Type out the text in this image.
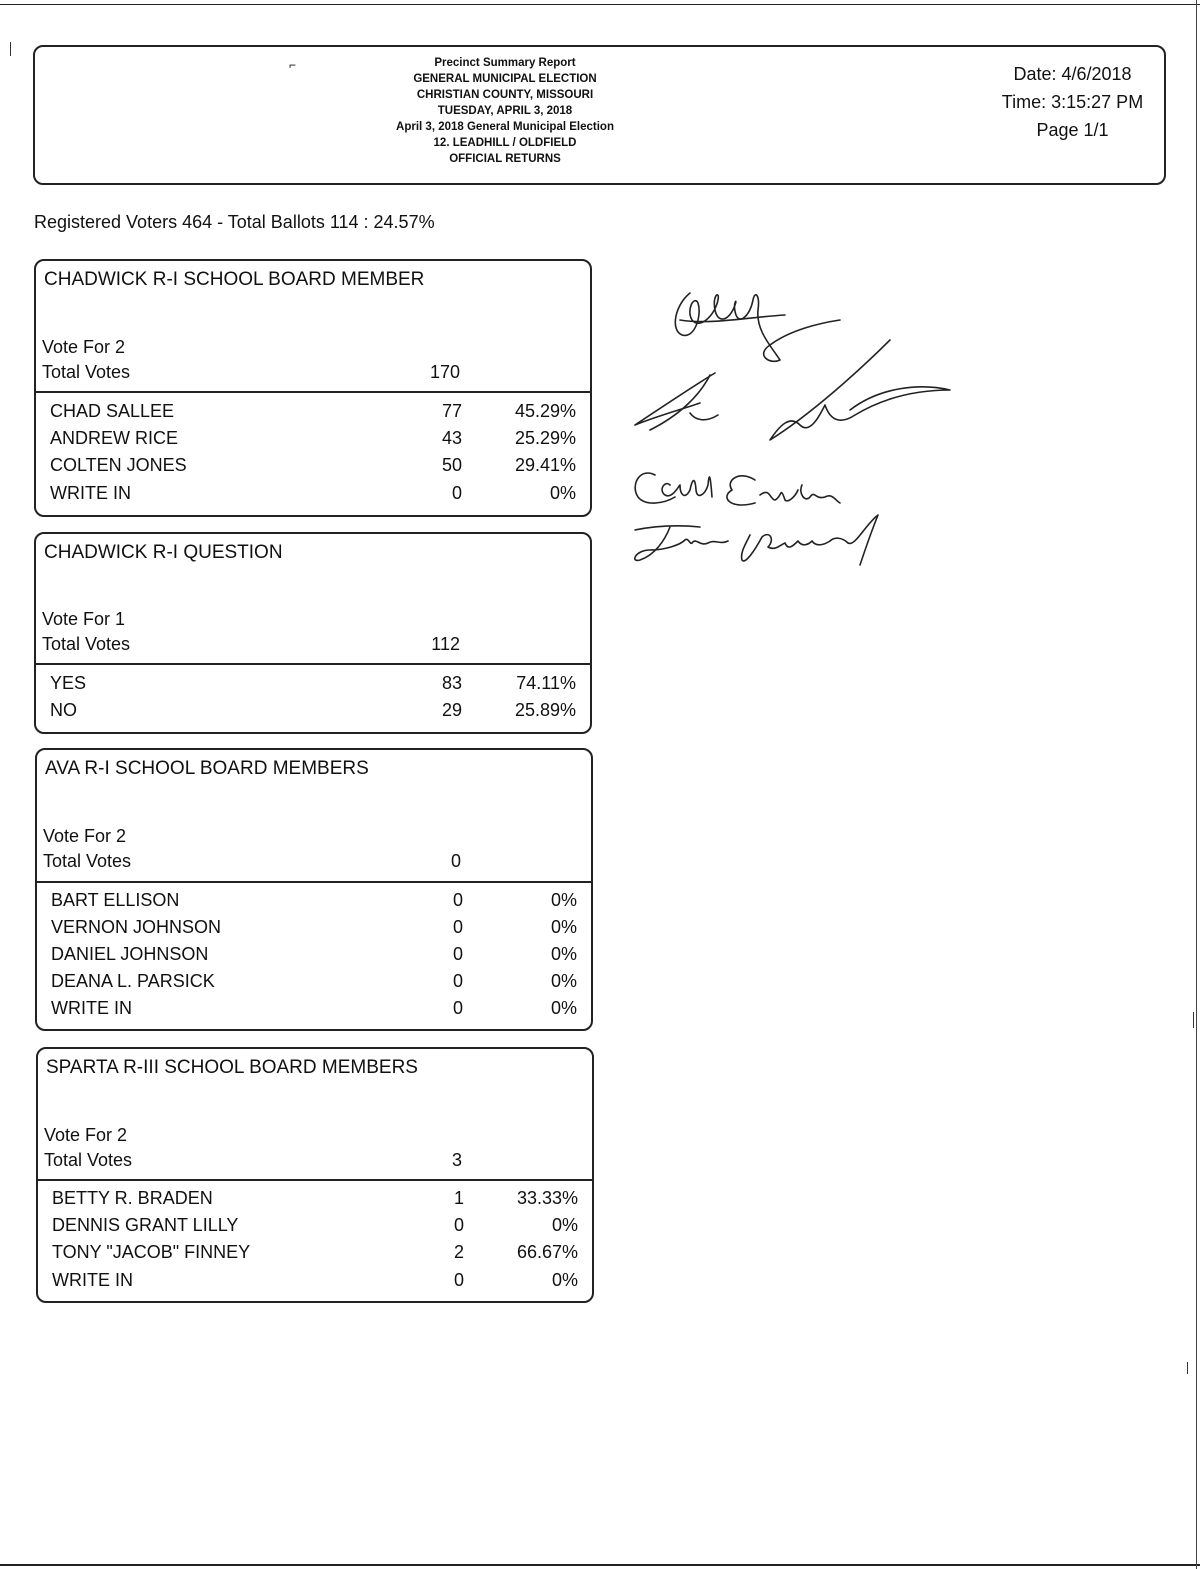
⌐	Precinct Summary Report
GENERAL MUNICIPAL ELECTION
CHRISTIAN COUNTY, MISSOURI
TUESDAY, APRIL 3, 2018
April 3, 2018 General Municipal Election
12. LEADHILL / OLDFIELD
OFFICIAL RETURNS
Date: 4/6/2018
Time: 3:15:27 PM
Page 1/1
Registered Voters 464 - Total Ballots 114 : 24.57%
CHADWICK R-I SCHOOL BOARD MEMBER
Vote For 2
Total Votes	170
CHAD SALLEE	77	45.29%
ANDREW RICE	43	25.29%
COLTEN JONES	50	29.41%
WRITE IN	0	0%
CHADWICK R-I QUESTION
Vote For 1
Total Votes	112
YES	83	74.11%
NO	29	25.89%
AVA R-I SCHOOL BOARD MEMBERS
Vote For 2
Total Votes	0
BART ELLISON	0	0%
VERNON JOHNSON	0	0%
DANIEL JOHNSON	0	0%
DEANA L. PARSICK	0	0%
WRITE IN	0	0%
SPARTA R-III SCHOOL BOARD MEMBERS
Vote For 2
Total Votes	3
BETTY R. BRADEN	1	33.33%
DENNIS GRANT LILLY	0	0%
TONY "JACOB" FINNEY	2	66.67%
WRITE IN	0	0%
